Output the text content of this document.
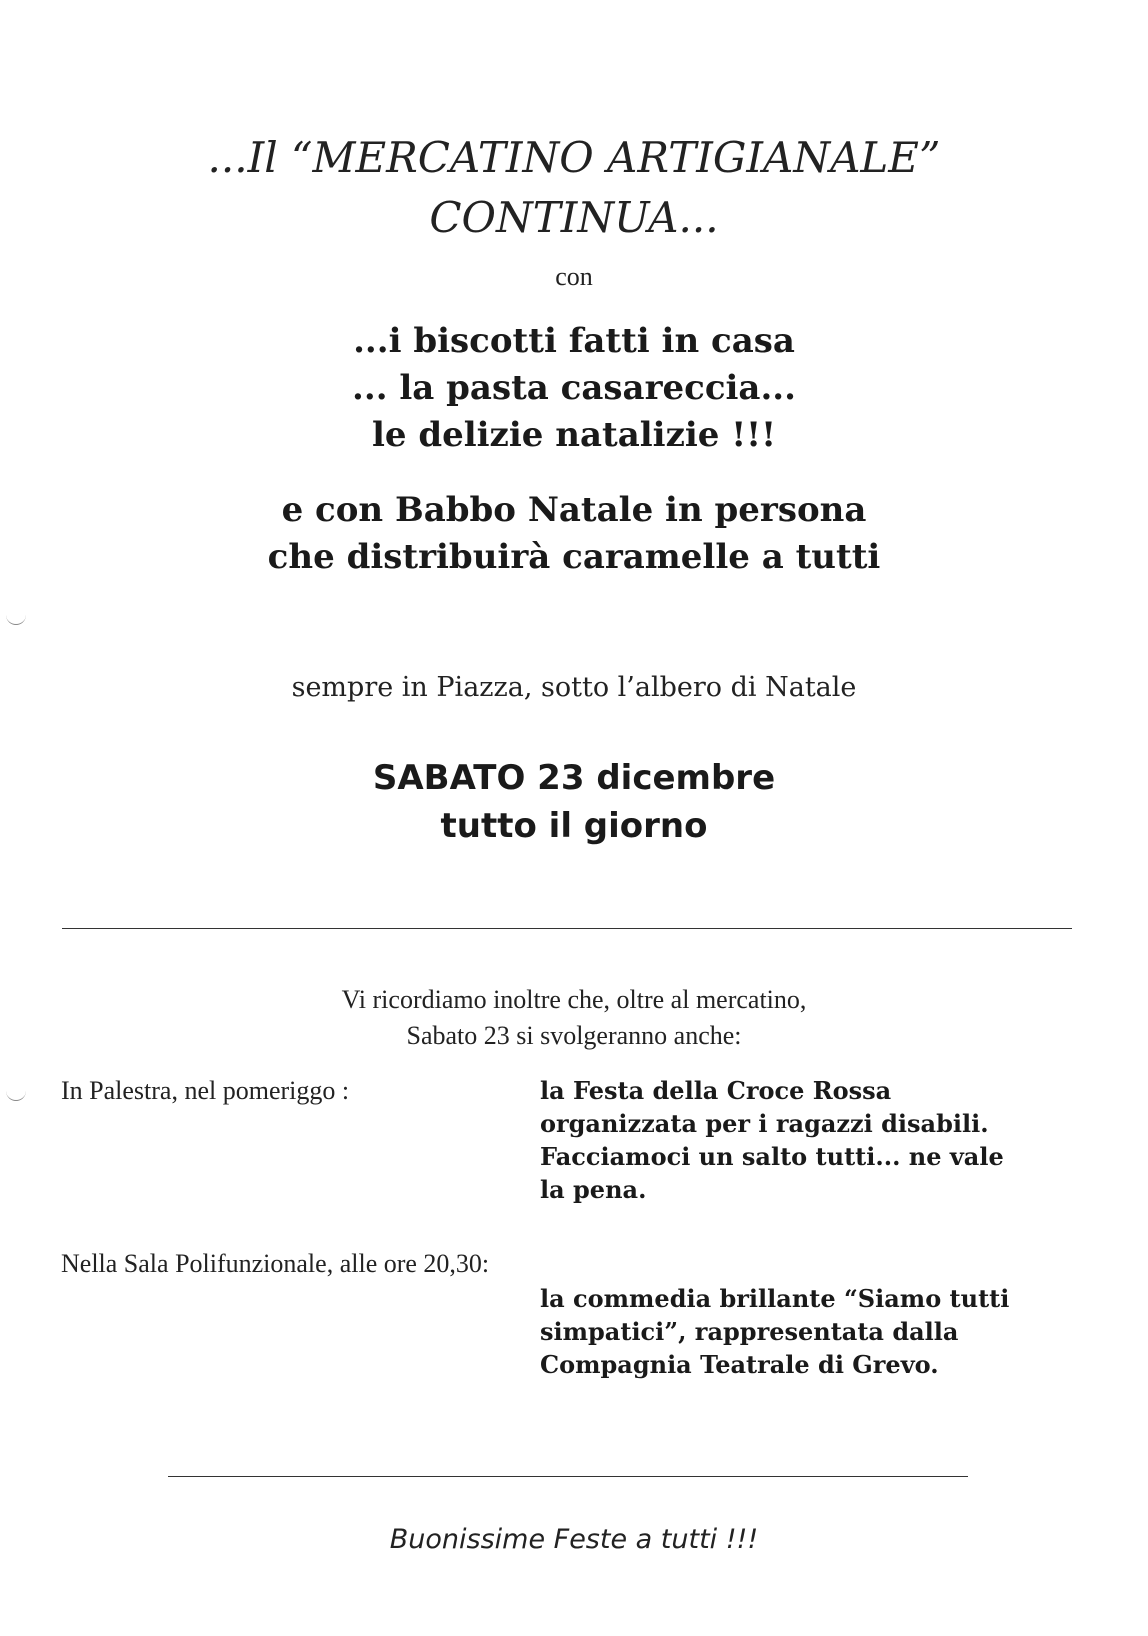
...Il “MERCATINO ARTIGIANALE”
CONTINUA...
con
...i biscotti fatti in casa
... la pasta casareccia...
le delizie natalizie !!!
e con Babbo Natale in persona
che distribuirà caramelle a tutti
sempre in Piazza, sotto l’albero di Natale
SABATO 23 dicembre
tutto il giorno
Vi ricordiamo inoltre che, oltre al mercatino,
Sabato 23 si svolgeranno anche:
In Palestra, nel pomeriggo :	la Festa della Croce Rossa
organizzata per i ragazzi disabili.
Facciamoci un salto tutti... ne vale
la pena.
Nella Sala Polifunzionale, alle ore 20,30:
la commedia brillante “Siamo tutti
simpatici”, rappresentata dalla
Compagnia Teatrale di Grevo.
Buonissime Feste a tutti !!!
